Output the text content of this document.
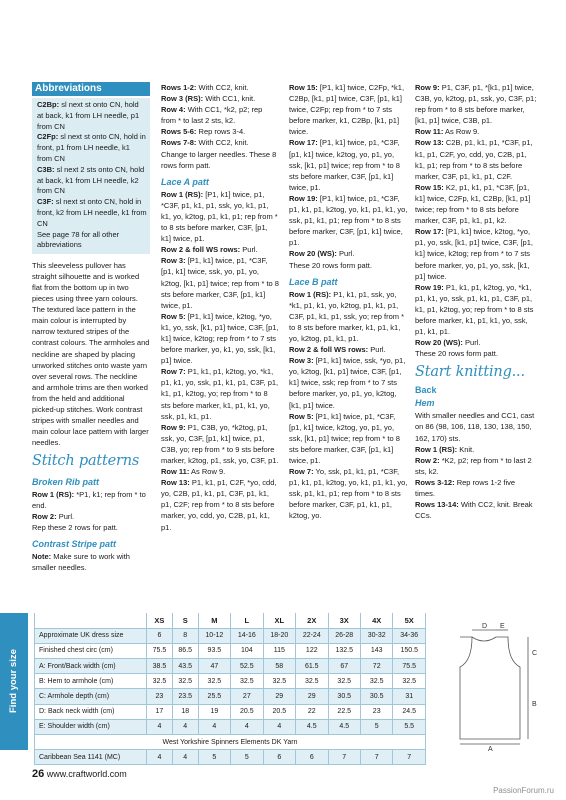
Abbreviations

C2Bp: sl next st onto CN, hold at back, k1 from LH needle, p1 from CN

C2Fp: sl next st onto CN, hold in front, p1 from LH needle, k1 from CN

C3B: sl next 2 sts onto CN, hold at back, k1 from LH needle, k2 from CN

C3F: sl next st onto CN, hold in front, k2 from LH needle, k1 from CN

See page 78 for all other abbreviations

This sleeveless pullover has straight silhouette and is worked flat from the bottom up in two pieces using three yarn colours. The textured lace pattern in the main colour is interrupted by narrow textured stripes of the contrast colours. The armholes and neckline are shaped by placing unworked stitches onto waste yarn over several rows. The neckline and armhole trims are then worked from the held and additional picked-up stitches. Work contrast stripes with smaller needles and main colour lace pattern with larger needles.

Stitch patterns
Broken Rib patt

Row 1 (RS): *P1, k1; rep from * to end.

Row 2: Purl.

Rep these 2 rows for patt.

Contrast Stripe patt

Note: Make sure to work with smaller needles.

Rows 1-2: With CC2, knit.

Row 3 (RS): With CC1, knit.

Row 4: With CC1, *k2, p2; rep from * to last 2 sts, k2.

Rows 5-6: Rep rows 3-4.

Rows 7-8: With CC2, knit.

Change to larger needles. These 8 rows form patt.

Lace A patt

Row 1 (RS): [P1, k1] twice, p1, *C3F, p1, k1, p1, ssk, yo, k1, p1, k1, yo, k2tog, p1, k1, p1; rep from * to 8 sts before marker, C3F, [p1, k1] twice, p1.

Row 2 & foll WS rows: Purl.

Row 3: [P1, k1] twice, p1, *C3F, [p1, k1] twice, ssk, yo, p1, yo, k2tog, [k1, p1] twice; rep from * to 8 sts before marker, C3F, [p1, k1] twice, p1.

Row 5: [P1, k1] twice, k2tog, *yo, k1, yo, ssk, [k1, p1] twice, C3F, [p1, k1] twice, k2tog; rep from * to 7 sts before marker, yo, k1, yo, ssk, [k1, p1] twice.

Row 7: P1, k1, p1, k2tog, yo, *k1, p1, k1, yo, ssk, p1, k1, p1, C3F, p1, k1, p1, k2tog, yo; rep from * to 8 sts before marker, k1, p1, k1, yo, ssk, p1, k1, p1.

Row 9: P1, C3B, yo, *k2tog, p1, ssk, yo, C3F, [p1, k1] twice, p1, C3B, yo; rep from * to 9 sts before marker, k2tog, p1, ssk, yo, C3F, p1.

Row 11: As Row 9.

Row 13: P1, k1, p1, C2F, *yo, cdd, yo, C2B, p1, k1, p1, C3F, p1, k1, p1, C2F; rep from * to 8 sts before marker, yo, cdd, yo, C2B, p1, k1, p1.

Row 15: [P1, k1] twice, C2Fp, *k1, C2Bp, [k1, p1] twice, C3F, [p1, k1] twice, C2Fp; rep from * to 7 sts before marker, k1, C2Bp, [k1, p1] twice.

Row 17: [P1, k1] twice, p1, *C3F, [p1, k1] twice, k2tog, yo, p1, yo, ssk, [k1, p1] twice; rep from * to 8 sts before marker, C3F, [p1, k1] twice, p1.

Row 19: [P1, k1] twice, p1, *C3F, p1, k1, p1, k2tog, yo, k1, p1, k1, yo, ssk, p1, k1, p1; rep from * to 8 sts before marker, C3F, [p1, k1] twice, p1.

Row 20 (WS): Purl.

These 20 rows form patt.

Lace B patt

Row 1 (RS): P1, k1, p1, ssk, yo, *k1, p1, k1, yo, k2tog, p1, k1, p1, C3F, p1, k1, p1, ssk, yo; rep from * to 8 sts before marker, k1, p1, k1, yo, k2tog, p1, k1, p1.

Row 2 & foll WS rows: Purl.

Row 3: [P1, k1] twice, ssk, *yo, p1, yo, k2tog, [k1, p1] twice, C3F, [p1, k1] twice, ssk; rep from * to 7 sts before marker, yo, p1, yo, k2tog, [k1, p1] twice.

Row 5: [P1, k1] twice, p1, *C3F, [p1, k1] twice, k2tog, yo, p1, yo, ssk, [k1, p1] twice; rep from * to 8 sts before marker, C3F, [p1, k1] twice, p1.

Row 7: Yo, ssk, p1, k1, p1, *C3F, p1, k1, p1, k2tog, yo, k1, p1, k1, yo, ssk, p1, k1, p1; rep from * to 8 sts before marker, C3F, p1, k1, p1, k2tog, yo.

Row 9: P1, C3F, p1, *[k1, p1] twice, C3B, yo, k2tog, p1, ssk, yo, C3F, p1; rep from * to 8 sts before marker, [k1, p1] twice, C3B, p1.

Row 11: As Row 9.

Row 13: C2B, p1, k1, p1, *C3F, p1, k1, p1, C2F, yo, cdd, yo, C2B, p1, k1, p1; rep from * to 8 sts before marker, C3F, p1, k1, p1, C2F.

Row 15: K2, p1, k1, p1, *C3F, [p1, k1] twice, C2Fp, k1, C2Bp, [k1, p1] twice; rep from * to 8 sts before marker, C3F, p1, k1, p1, k2.

Row 17: [P1, k1] twice, k2tog, *yo, p1, yo, ssk, [k1, p1] twice, C3F, [p1, k1] twice, k2tog; rep from * to 7 sts before marker, yo, p1, yo, ssk, [k1, p1] twice.

Row 19: P1, k1, p1, k2tog, yo, *k1, p1, k1, yo, ssk, p1, k1, p1, C3F, p1, k1, p1, k2tog, yo; rep from * to 8 sts before marker, k1, p1, k1, yo, ssk, p1, k1, p1.

Row 20 (WS): Purl.

These 20 rows form patt.

Start knitting...
Back
Hem

With smaller needles and CC1, cast on 86 (98, 106, 118, 130, 138, 150, 162, 170) sts.

Row 1 (RS): Knit.

Row 2: *K2, p2; rep from * to last 2 sts, k2.

Rows 3-12: Rep rows 1-2 five times.

Rows 13-14: With CC2, knit. Break CCs.

Find your size
	XS	S	M	L	XL	2X	3X	4X	5X
Approximate UK dress size	6	8	10-12	14-16	18-20	22-24	26-28	30-32	34-36
Finished chest circ (cm)	75.5	86.5	93.5	104	115	122	132.5	143	150.5
A: Front/Back width (cm)	38.5	43.5	47	52.5	58	61.5	67	72	75.5
B: Hem to armhole (cm)	32.5	32.5	32.5	32.5	32.5	32.5	32.5	32.5	32.5
C: Armhole depth (cm)	23	23.5	25.5	27	29	29	30.5	30.5	31
D: Back neck width (cm)	17	18	19	20.5	20.5	22	22.5	23	24.5
E: Shoulder width (cm)	4	4	4	4	4	4.5	4.5	5	5.5
West Yorkshire Spinners Elements DK Yarn									
Caribbean Sea 1141 (MC)	4	4	5	5	6	6	7	7	7
D E
C
B
A
26 www.craftworld.com
PassionForum.ru
